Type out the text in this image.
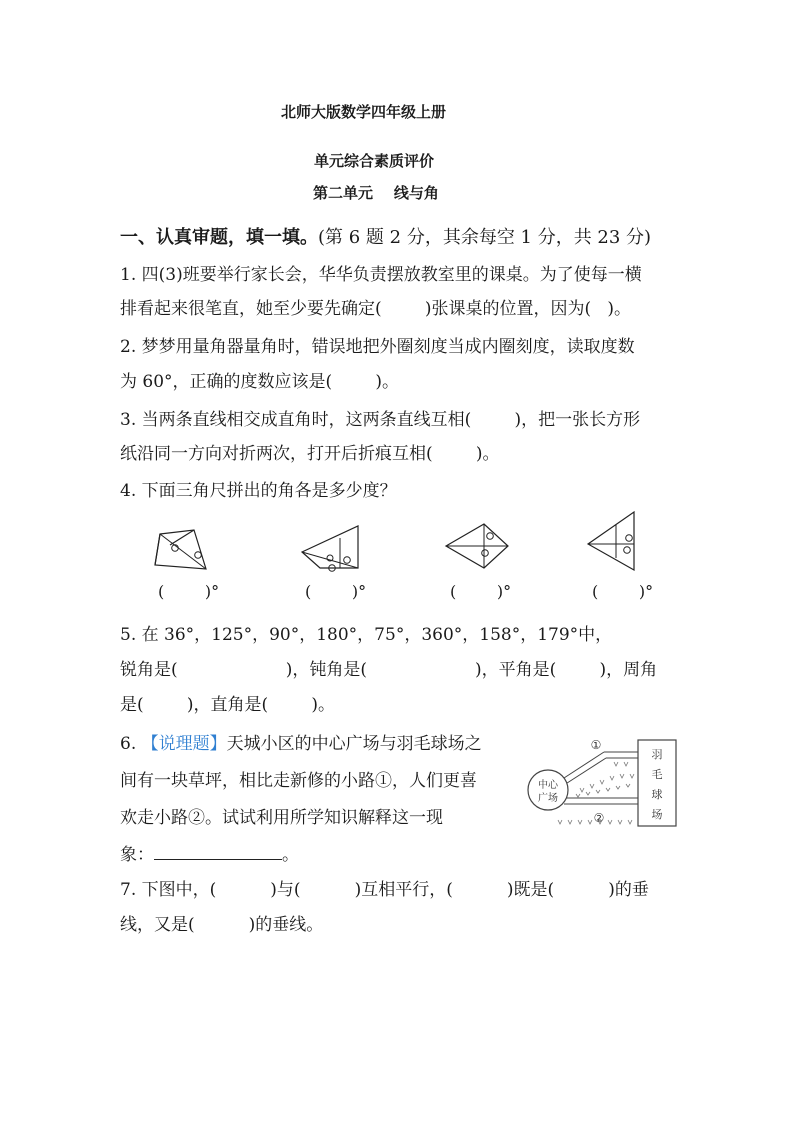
北师大版数学四年级上册
单元综合素质评价
第二单元    线与角
一、认真审题，填一填。(第 6 题 2 分，其余每空 1 分，共 23 分)
1. 四(3)班要举行家长会，华华负责摆放教室里的课桌。为了使每一横
排看起来很笔直，她至少要先确定(        )张课桌的位置，因为(   )。
2. 梦梦用量角器量角时，错误地把外圈刻度当成内圈刻度，读取度数
为 60°，正确的度数应该是(        )。
3. 当两条直线相交成直角时，这两条直线互相(        )，把一张长方形
纸沿同一方向对折两次，打开后折痕互相(        )。
4. 下面三角尺拼出的角各是多少度？
(        )°	(        )°	(        )°	(        )°
5. 在 36°，125°，90°，180°，75°，360°，158°，179°中，
锐角是(                    )，钝角是(                    )，平角是(        )，周角
是(        )，直角是(        )。
6. 【说理题】天城小区的中心广场与羽毛球场之
间有一块草坪，相比走新修的小路①，人们更喜
欢走小路②。试试利用所学知识解释这一现
象：	。
羽
毛
球
场
中心
广场
①
②
7. 下图中，(          )与(          )互相平行，(          )既是(          )的垂
线，又是(          )的垂线。
